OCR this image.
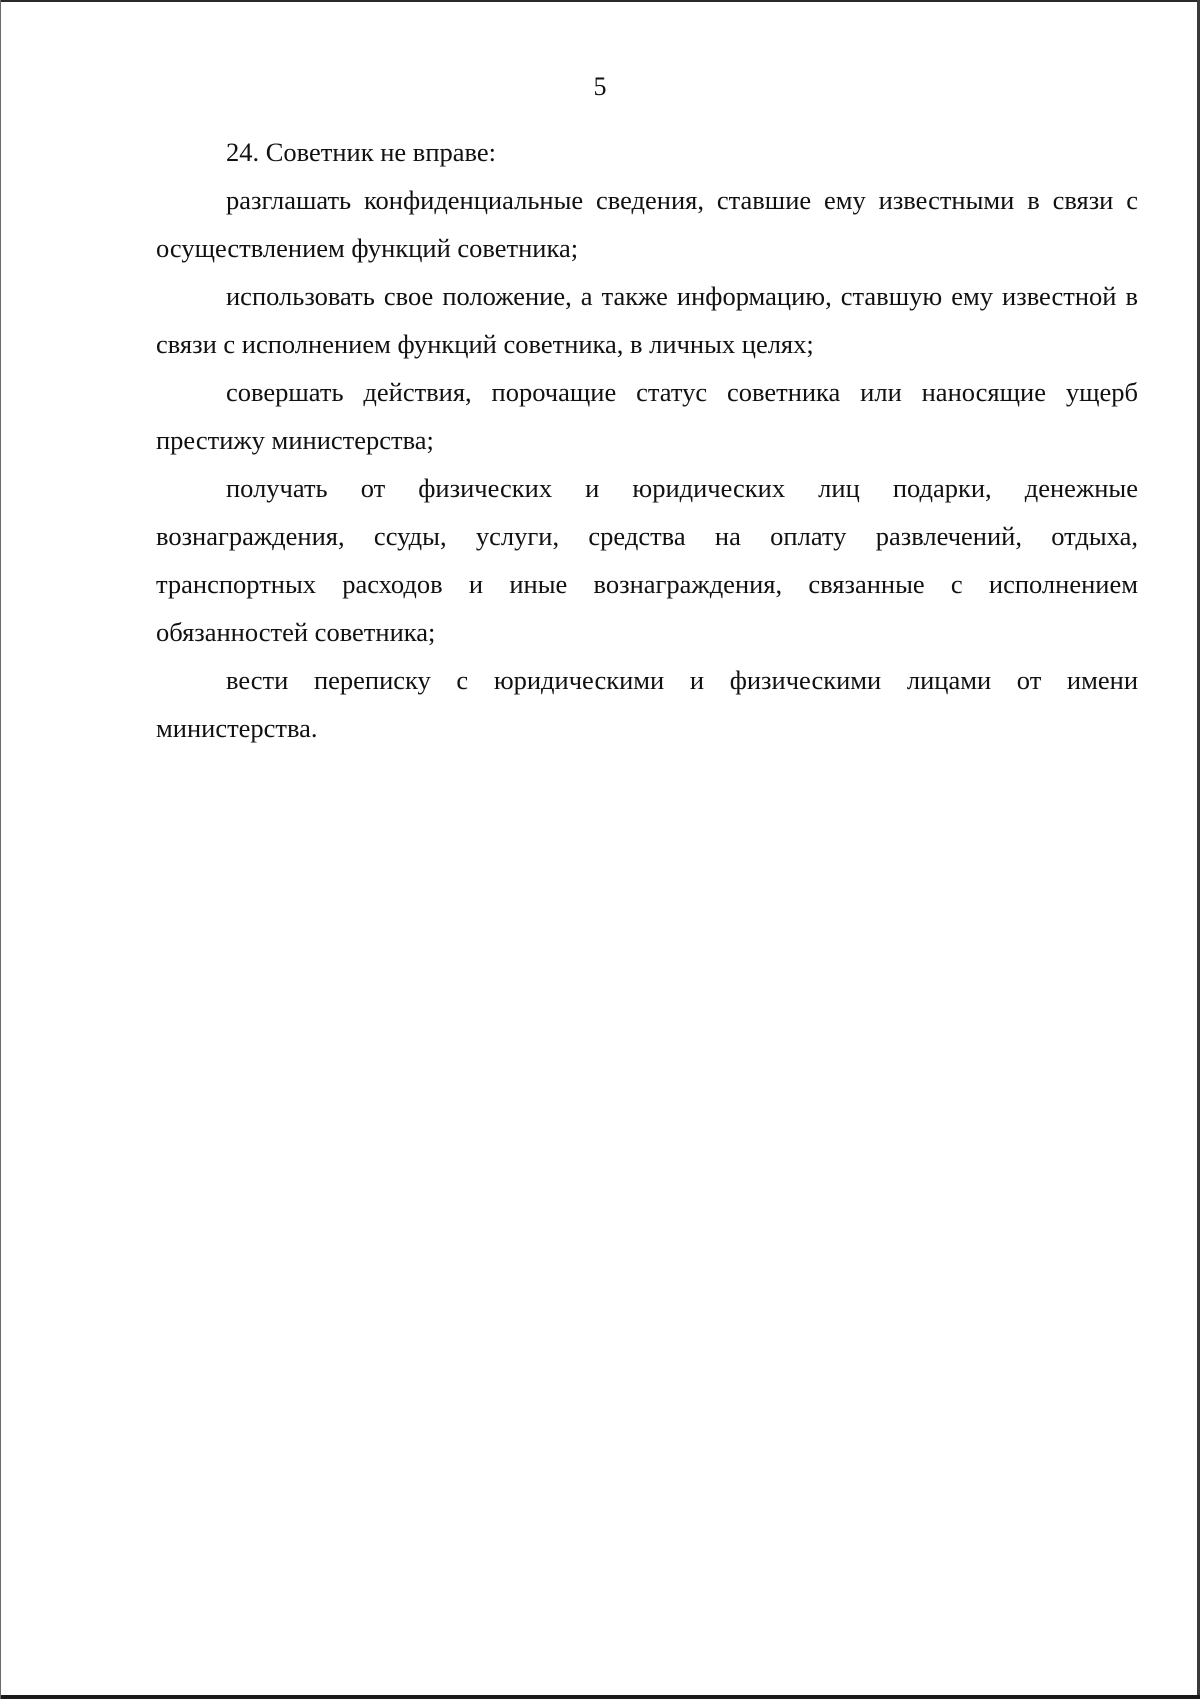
5

24. Советник не вправе:

разглашать конфиденциальные сведения, ставшие ему известными в связи с осуществлением функций советника;

использовать свое положение, а также информацию, ставшую ему известной в связи с исполнением функций советника, в личных целях;

совершать действия, порочащие статус советника или наносящие ущерб престижу министерства;

получать от физических и юридических лиц подарки, денежные вознаграждения, ссуды, услуги, средства на оплату развлечений, отдыха, транспортных расходов и иные вознаграждения, связанные с исполнением обязанностей советника;

вести переписку с юридическими и физическими лицами от имени министерства.
